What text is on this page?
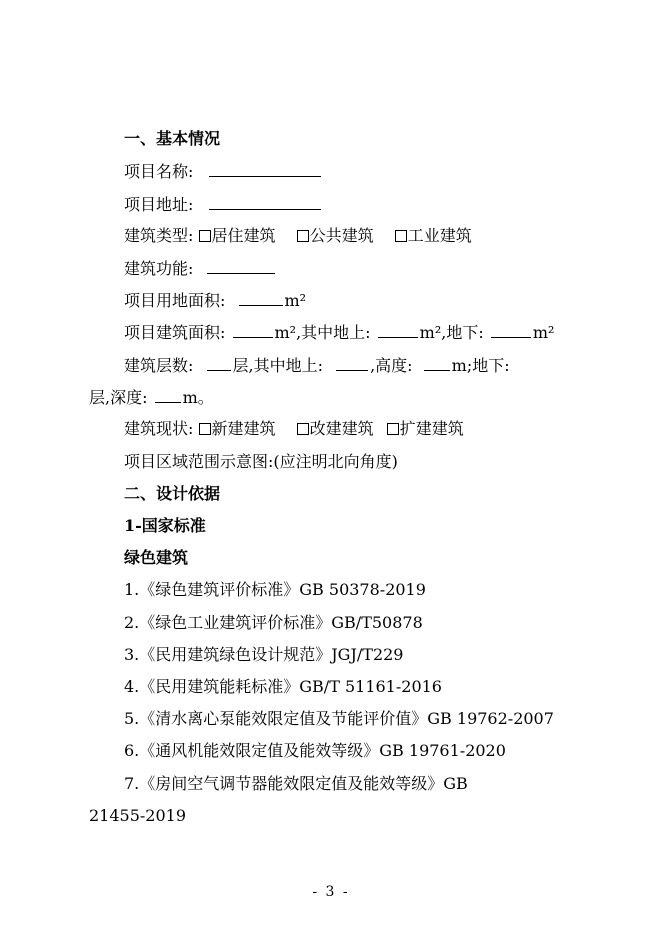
一、基本情况
项目名称:
项目地址:
建筑类型: 居住建筑 公共建筑 工业建筑
建筑功能:
项目用地面积:	m²
项目建筑面积:	m²,其中地上:	m²,地下:	m²
建筑层数: 层,其中地上:	,高度: m;地下:
层,深度: m。
建筑现状: 新建建筑 改建建筑 扩建建筑
项目区域范围示意图:(应注明北向角度)
二、设计依据
1-国家标准
绿色建筑
1.《绿色建筑评价标准》GB 50378-2019
2.《绿色工业建筑评价标准》GB/T50878
3.《民用建筑绿色设计规范》JGJ/T229
4.《民用建筑能耗标准》GB/T 51161-2016
5.《清水离心泵能效限定值及节能评价值》GB 19762-2007
6.《通风机能效限定值及能效等级》GB 19761-2020
7.《房间空气调节器能效限定值及能效等级》GB
21455-2019
- 3 -
